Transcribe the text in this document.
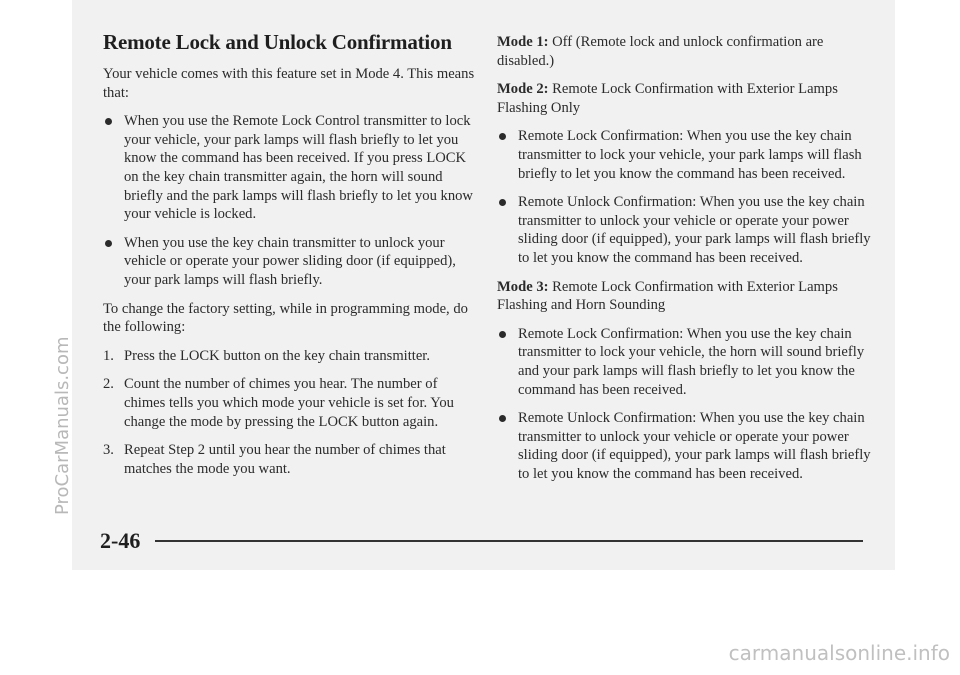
Remote Lock and Unlock Confirmation

Your vehicle comes with this feature set in Mode 4. This means that:

When you use the Remote Lock Control transmitter to lock your vehicle, your park lamps will flash briefly to let you know the command has been received. If you press LOCK on the key chain transmitter again, the horn will sound briefly and the park lamps will flash briefly to let you know your vehicle is locked.
When you use the key chain transmitter to unlock your vehicle or operate your power sliding door (if equipped), your park lamps will flash briefly.

To change the factory setting, while in programming mode, do the following:

1. Press the LOCK button on the key chain transmitter.
2. Count the number of chimes you hear. The number of chimes tells you which mode your vehicle is set for. You change the mode by pressing the LOCK button again.
3. Repeat Step 2 until you hear the number of chimes that matches the mode you want.

Mode 1: Off (Remote lock and unlock confirmation are disabled.)

Mode 2: Remote Lock Confirmation with Exterior Lamps Flashing Only

Remote Lock Confirmation: When you use the key chain transmitter to lock your vehicle, your park lamps will flash briefly to let you know the command has been received.
Remote Unlock Confirmation: When you use the key chain transmitter to unlock your vehicle or operate your power sliding door (if equipped), your park lamps will flash briefly to let you know the command has been received.

Mode 3: Remote Lock Confirmation with Exterior Lamps Flashing and Horn Sounding

Remote Lock Confirmation: When you use the key chain transmitter to lock your vehicle, the horn will sound briefly and your park lamps will flash briefly to let you know the command has been received.
Remote Unlock Confirmation: When you use the key chain transmitter to unlock your vehicle or operate your power sliding door (if equipped), your park lamps will flash briefly to let you know the command has been received.
2-46
ProCarManuals.com
carmanualsonline.info
